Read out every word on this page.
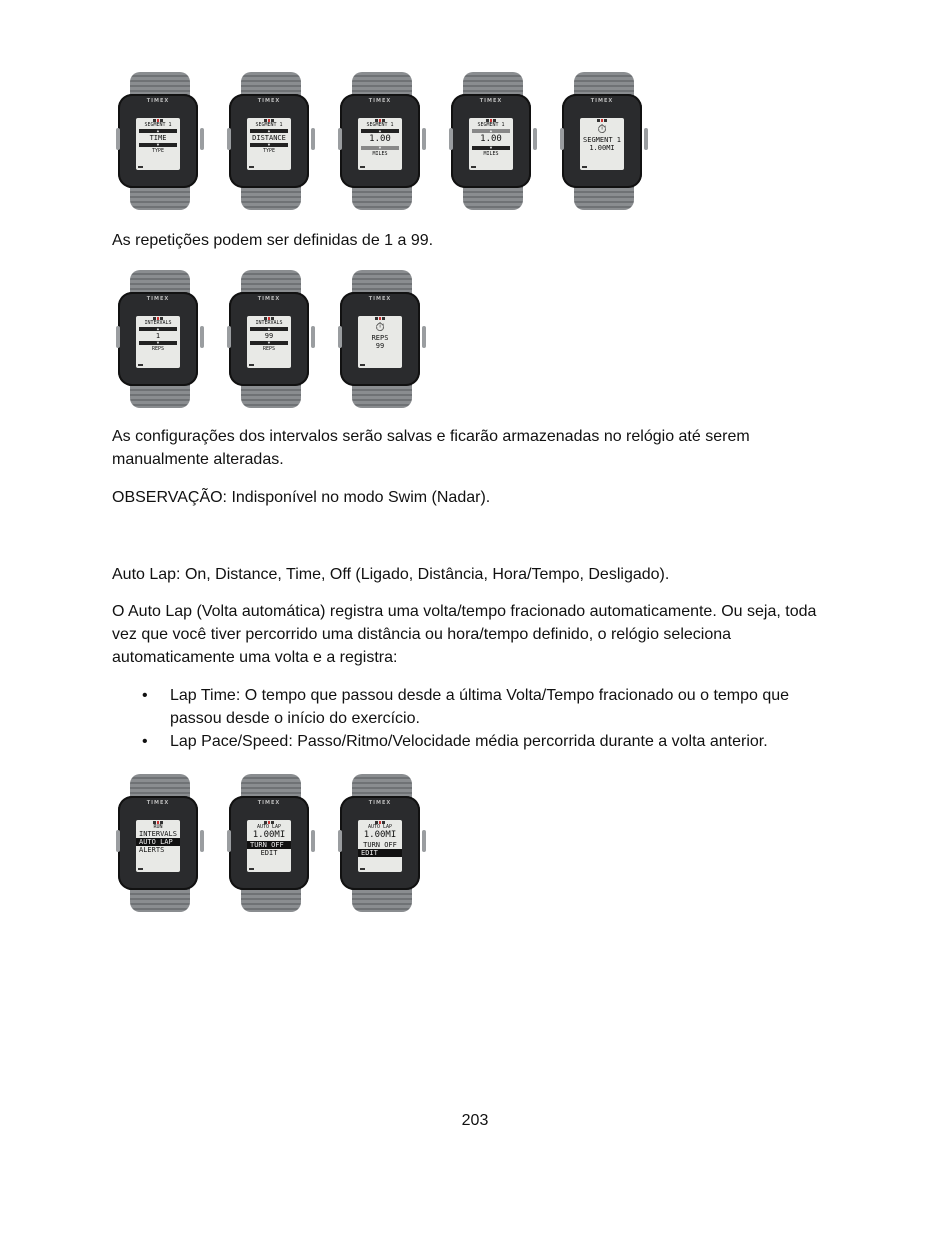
TIMEX
SEGMENT 1
▲
TIME
▼
TYPE
TIMEX
SEGMENT 1
▲
DISTANCE
▼
TYPE
TIMEX
SEGMENT 1
▲
1.00
▼
MILES
TIMEX
SEGMENT 1
▲
1.00
▼
MILES
TIMEX
⏱
SEGMENT 1
1.00MI

As repetições podem ser definidas de 1 a 99.

TIMEX
INTERVALS
▲
1
▼
REPS
TIMEX
INTERVALS
▲
99
▼
REPS
TIMEX
⏱
REPS
99

As configurações dos intervalos serão salvas e ficarão armazenadas no relógio até serem manualmente alteradas.

OBSERVAÇÃO: Indisponível no modo Swim (Nadar).

Auto Lap: On, Distance, Time, Off (Ligado, Distância, Hora/Tempo, Desligado).

O Auto Lap (Volta automática) registra uma volta/tempo fracionado automaticamente. Ou seja, toda vez que você tiver percorrido uma distância ou hora/tempo definido, o relógio seleciona automaticamente uma volta e a registra:

• Lap Time: O tempo que passou desde a última Volta/Tempo fracionado ou o tempo que passou desde o início do exercício.
• Lap Pace/Speed: Passo/Ritmo/Velocidade média percorrida durante a volta anterior.
TIMEX
RUN
INTERVALS
AUTO LAP
ALERTS
TIMEX
AUTO LAP
1.00MI
TURN OFF
EDIT
TIMEX
AUTO LAP
1.00MI
TURN OFF
EDIT
203
